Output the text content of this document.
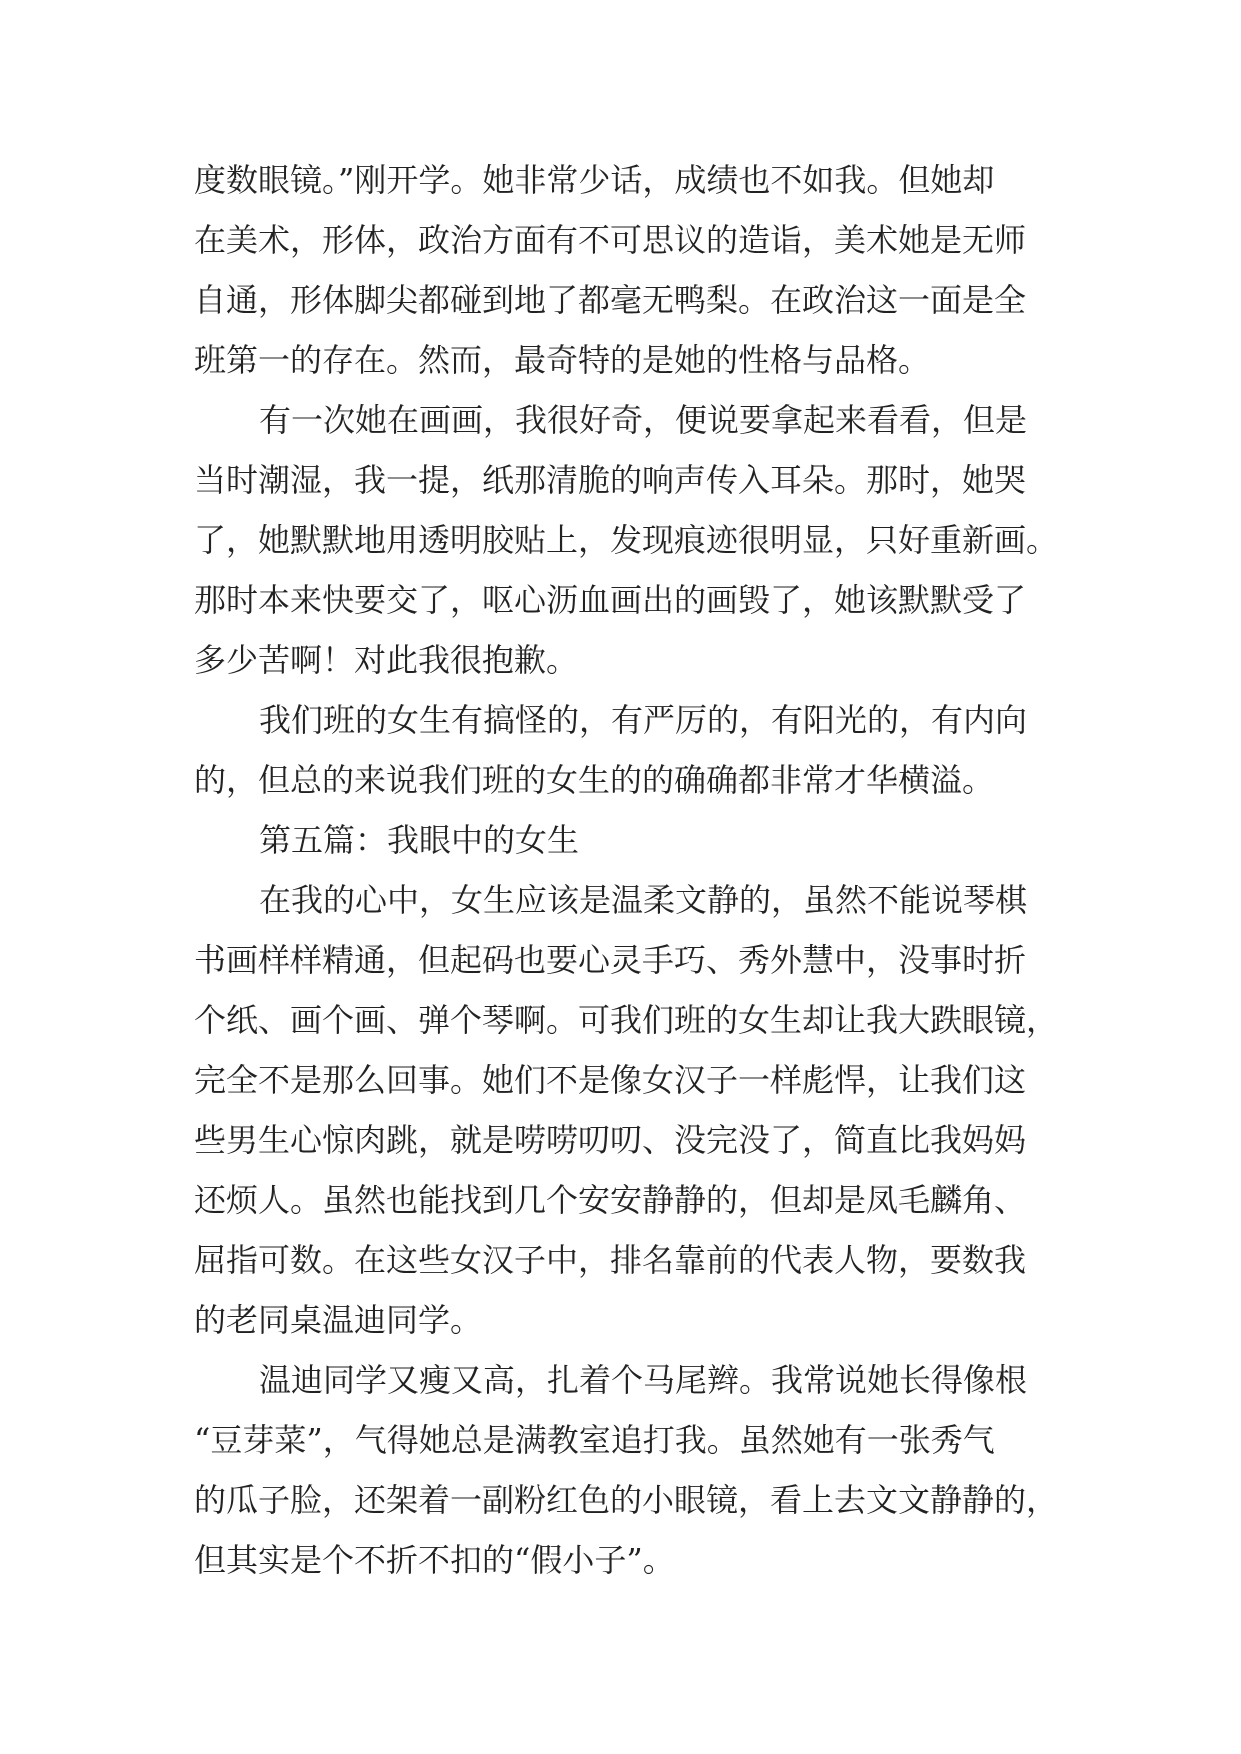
度数眼镜。”刚开学。她非常少话，成绩也不如我。但她却
在美术，形体，政治方面有不可思议的造诣，美术她是无师
自通，形体脚尖都碰到地了都毫无鸭梨。在政治这一面是全
班第一的存在。然而，最奇特的是她的性格与品格。
有一次她在画画，我很好奇，便说要拿起来看看，但是
当时潮湿，我一提，纸那清脆的响声传入耳朵。那时，她哭
了，她默默地用透明胶贴上，发现痕迹很明显，只好重新画。
那时本来快要交了，呕心沥血画出的画毁了，她该默默受了
多少苦啊！对此我很抱歉。
我们班的女生有搞怪的，有严厉的，有阳光的，有内向
的，但总的来说我们班的女生的的确确都非常才华横溢。
第五篇：我眼中的女生
在我的心中，女生应该是温柔文静的，虽然不能说琴棋
书画样样精通，但起码也要心灵手巧、秀外慧中，没事时折
个纸、画个画、弹个琴啊。可我们班的女生却让我大跌眼镜，
完全不是那么回事。她们不是像女汉子一样彪悍，让我们这
些男生心惊肉跳，就是唠唠叨叨、没完没了，简直比我妈妈
还烦人。虽然也能找到几个安安静静的，但却是凤毛麟角、
屈指可数。在这些女汉子中，排名靠前的代表人物，要数我
的老同桌温迪同学。
温迪同学又瘦又高，扎着个马尾辫。我常说她长得像根
“豆芽菜”，气得她总是满教室追打我。虽然她有一张秀气
的瓜子脸，还架着一副粉红色的小眼镜，看上去文文静静的，
但其实是个不折不扣的“假小子”。
